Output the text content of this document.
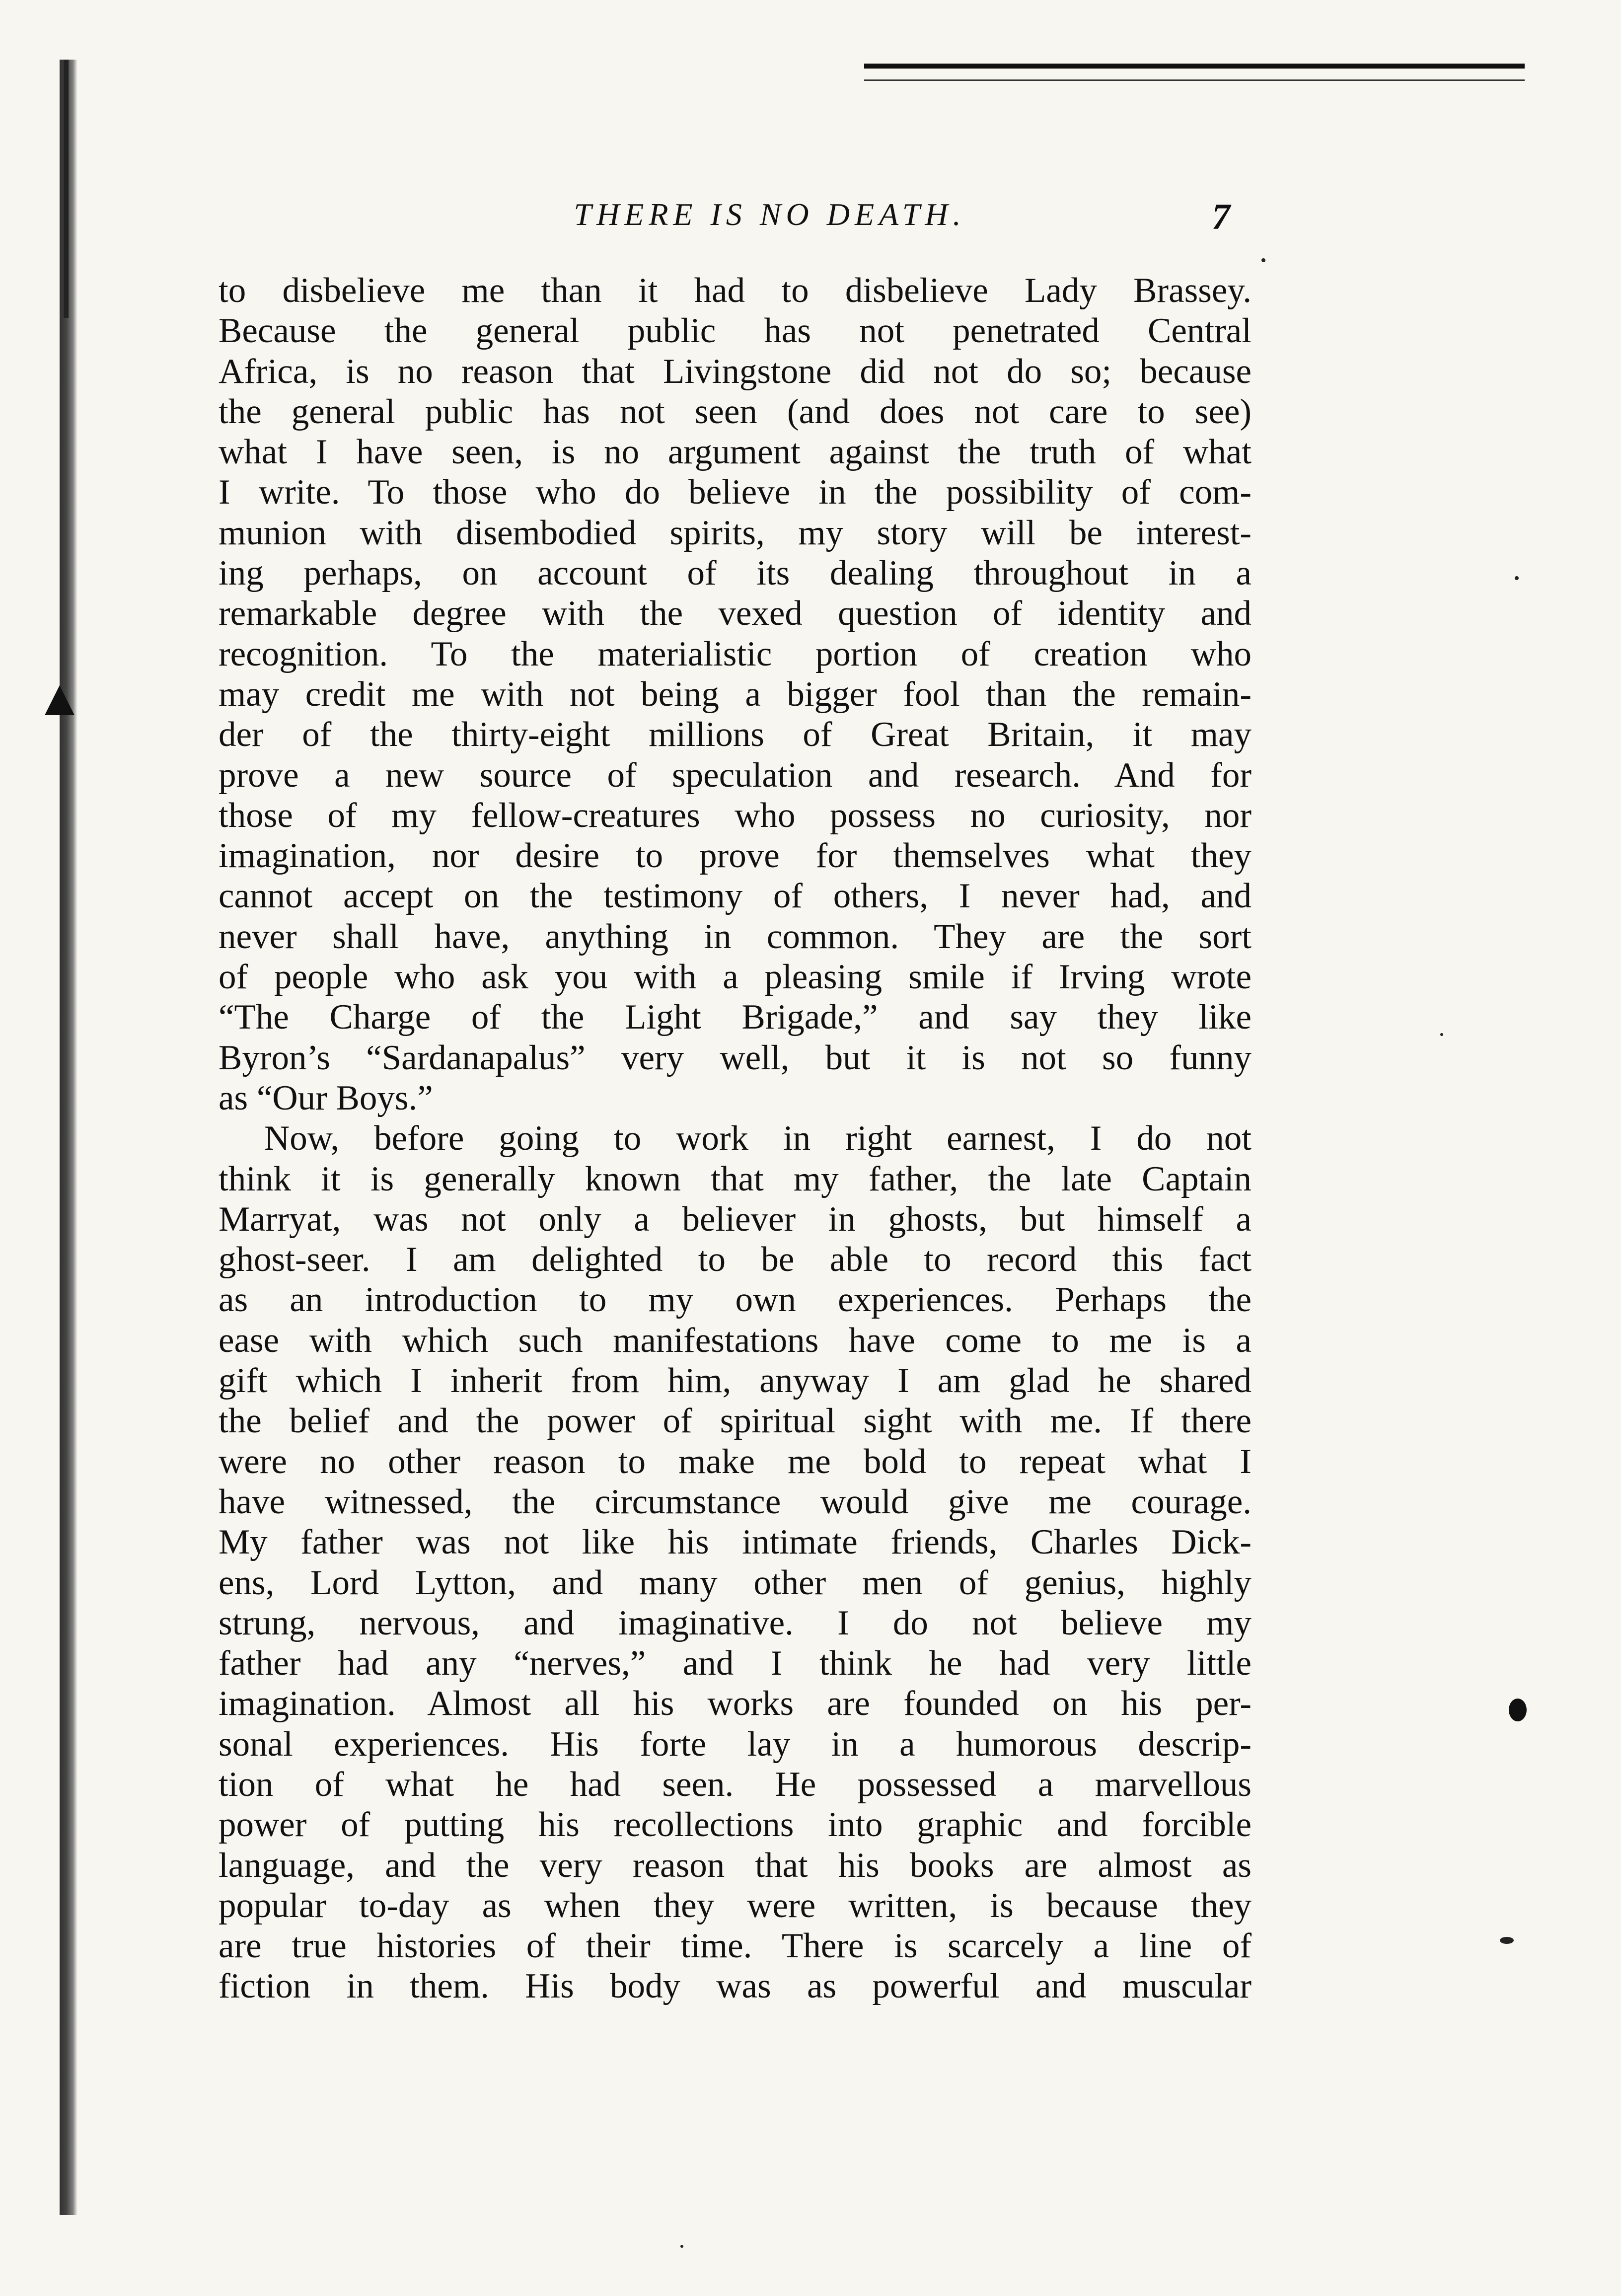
THERE IS NO DEATH.	7
to disbelieve me than it had to disbelieve Lady Brassey.
Because the general public has not penetrated Central
Africa, is no reason that Livingstone did not do so; because
the general public has not seen (and does not care to see)
what I have seen, is no argument against the truth of what
I write. To those who do believe in the possibility of com-
munion with disembodied spirits, my story will be interest-
ing perhaps, on account of its dealing throughout in a
remarkable degree with the vexed question of identity and
recognition. To the materialistic portion of creation who
may credit me with not being a bigger fool than the remain-
der of the thirty-eight millions of Great Britain, it may
prove a new source of speculation and research. And for
those of my fellow-creatures who possess no curiosity, nor
imagination, nor desire to prove for themselves what they
cannot accept on the testimony of others, I never had, and
never shall have, anything in common. They are the sort
of people who ask you with a pleasing smile if Irving wrote
“The Charge of the Light Brigade,” and say they like
Byron’s “Sardanapalus” very well, but it is not so funny
as “Our Boys.”
Now, before going to work in right earnest, I do not
think it is generally known that my father, the late Captain
Marryat, was not only a believer in ghosts, but himself a
ghost-seer. I am delighted to be able to record this fact
as an introduction to my own experiences. Perhaps the
ease with which such manifestations have come to me is a
gift which I inherit from him, anyway I am glad he shared
the belief and the power of spiritual sight with me. If there
were no other reason to make me bold to repeat what I
have witnessed, the circumstance would give me courage.
My father was not like his intimate friends, Charles Dick-
ens, Lord Lytton, and many other men of genius, highly
strung, nervous, and imaginative. I do not believe my
father had any “nerves,” and I think he had very little
imagination. Almost all his works are founded on his per-
sonal experiences. His forte lay in a humorous descrip-
tion of what he had seen. He possessed a marvellous
power of putting his recollections into graphic and forcible
language, and the very reason that his books are almost as
popular to-day as when they were written, is because they
are true histories of their time. There is scarcely a line of
fiction in them. His body was as powerful and muscular
